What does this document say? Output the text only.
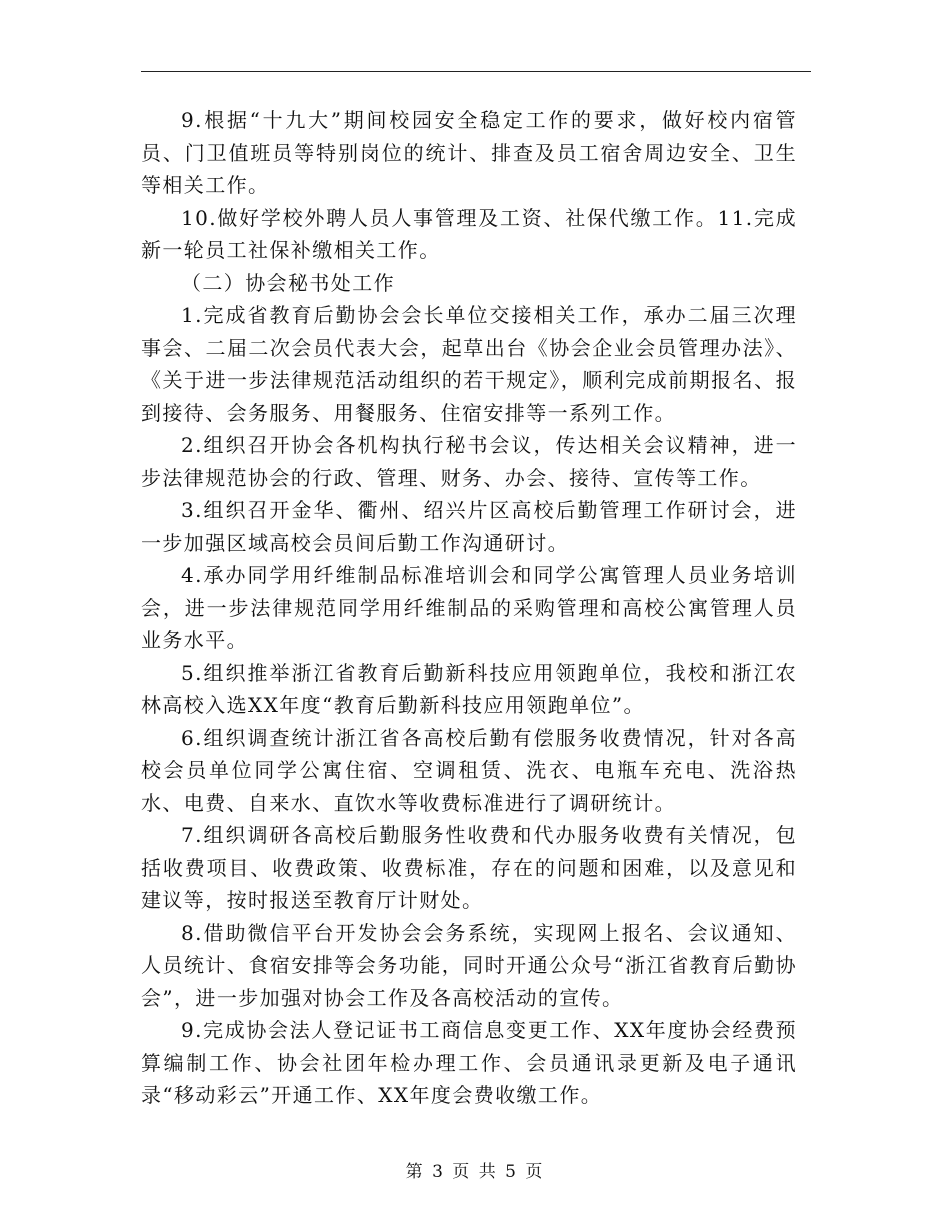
9.根据“十九大”期间校园安全稳定工作的要求，做好校内宿管员、门卫值班员等特别岗位的统计、排查及员工宿舍周边安全、卫生等相关工作。

10.做好学校外聘人员人事管理及工资、社保代缴工作。11.完成新一轮员工社保补缴相关工作。

（二）协会秘书处工作

1.完成省教育后勤协会会长单位交接相关工作，承办二届三次理事会、二届二次会员代表大会，起草出台《协会企业会员管理办法》、《关于进一步法律规范活动组织的若干规定》，顺利完成前期报名、报到接待、会务服务、用餐服务、住宿安排等一系列工作。

2.组织召开协会各机构执行秘书会议，传达相关会议精神，进一步法律规范协会的行政、管理、财务、办会、接待、宣传等工作。

3.组织召开金华、衢州、绍兴片区高校后勤管理工作研讨会，进一步加强区域高校会员间后勤工作沟通研讨。

4.承办同学用纤维制品标准培训会和同学公寓管理人员业务培训会，进一步法律规范同学用纤维制品的采购管理和高校公寓管理人员业务水平。

5.组织推举浙江省教育后勤新科技应用领跑单位，我校和浙江农林高校入选XX年度“教育后勤新科技应用领跑单位”。

6.组织调查统计浙江省各高校后勤有偿服务收费情况，针对各高校会员单位同学公寓住宿、空调租赁、洗衣、电瓶车充电、洗浴热水、电费、自来水、直饮水等收费标准进行了调研统计。

7.组织调研各高校后勤服务性收费和代办服务收费有关情况，包括收费项目、收费政策、收费标准，存在的问题和困难，以及意见和建议等，按时报送至教育厅计财处。

8.借助微信平台开发协会会务系统，实现网上报名、会议通知、人员统计、食宿安排等会务功能，同时开通公众号“浙江省教育后勤协会”，进一步加强对协会工作及各高校活动的宣传。

9.完成协会法人登记证书工商信息变更工作、XX年度协会经费预算编制工作、协会社团年检办理工作、会员通讯录更新及电子通讯录“移动彩云”开通工作、XX年度会费收缴工作。

第 3 页 共 5 页
